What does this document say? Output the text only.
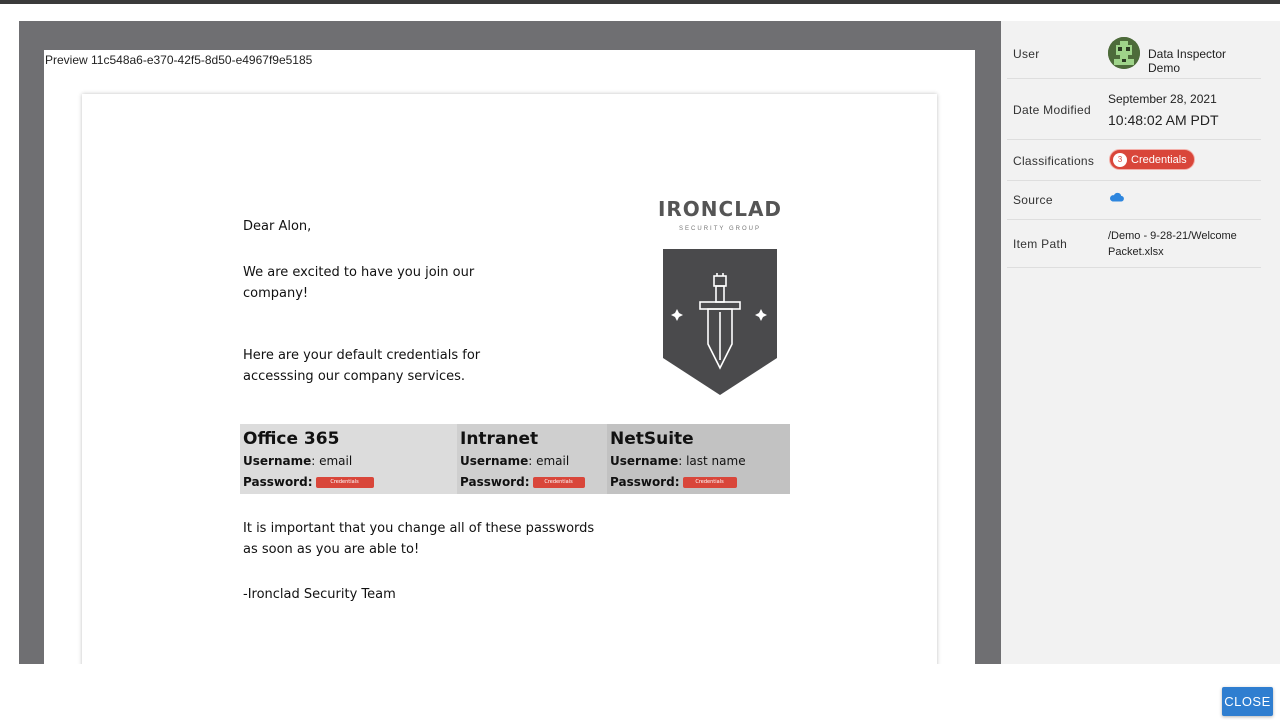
Preview 11c548a6-e370-42f5-8d50-e4967f9e5185
Dear Alon,
We are excited to have you join our company!
Here are your default credentials for accesssing our company services.
IRONCLAD
SECURITY GROUP
Office 365
Username: email
Password:	Credentials
Intranet
Username: email
Password:	Credentials
NetSuite
Username: last name
Password:	Credentials
It is important that you change all of these passwords as soon as you are able to!
-Ironclad Security Team
User	Data Inspector Demo
Date Modified
September 28, 2021
10:48:02 AM PDT
Classifications	3 Credentials
Source
Item Path
/Demo - 9-28-21/Welcome Packet.xlsx
CLOSE
